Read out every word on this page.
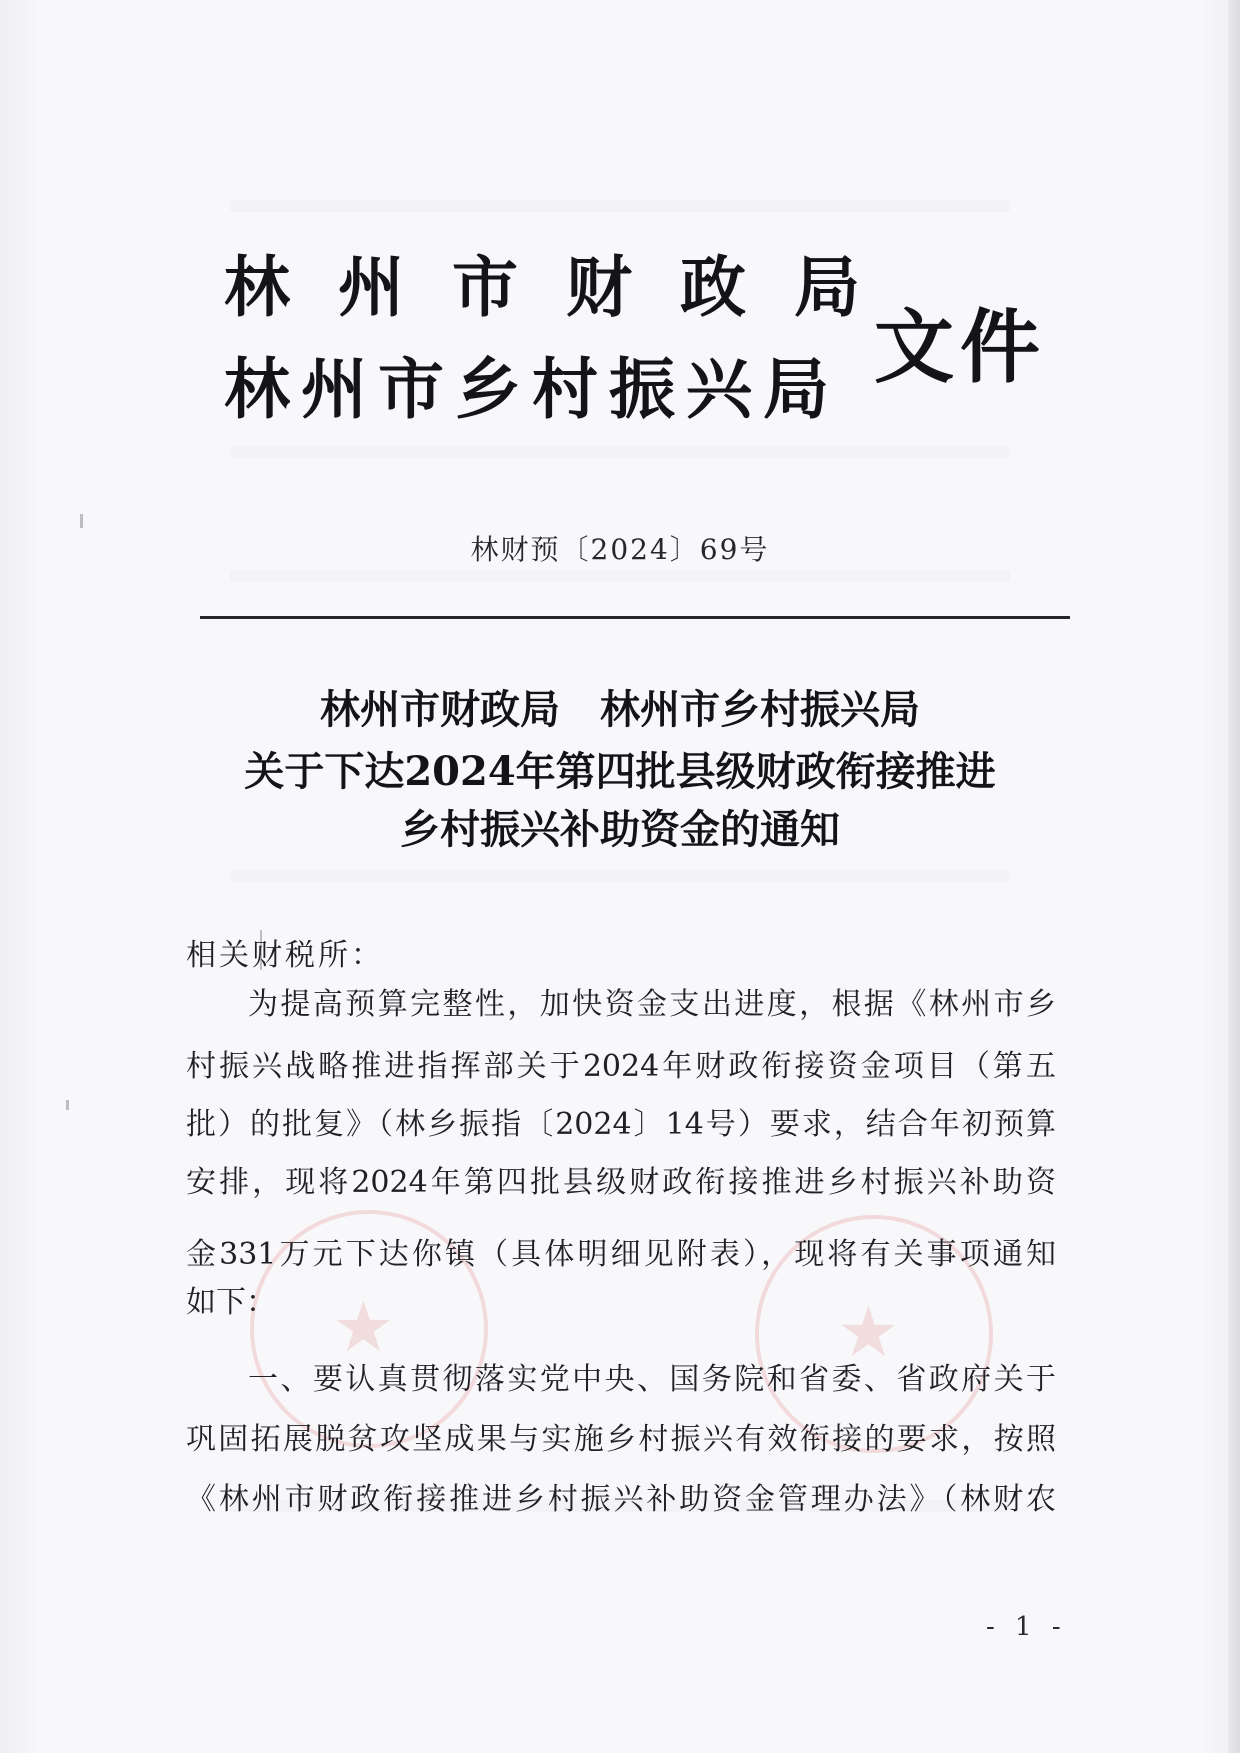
★	★
林州市财政局
林州市乡村振兴局 文件
林财预〔2024〕69号
林州市财政局　林州市乡村振兴局
关于下达2024年第四批县级财政衔接推进
乡村振兴补助资金的通知
相关财税所：
为提高预算完整性，加快资金支出进度，根据《林州市乡
村振兴战略推进指挥部关于2024年财政衔接资金项目（第五
批）的批复》（林乡振指〔2024〕14号）要求，结合年初预算
安排，现将2024年第四批县级财政衔接推进乡村振兴补助资
金331万元下达你镇（具体明细见附表），现将有关事项通知
如下：
一、要认真贯彻落实党中央、国务院和省委、省政府关于
巩固拓展脱贫攻坚成果与实施乡村振兴有效衔接的要求，按照
《林州市财政衔接推进乡村振兴补助资金管理办法》（林财农
- 1 -
